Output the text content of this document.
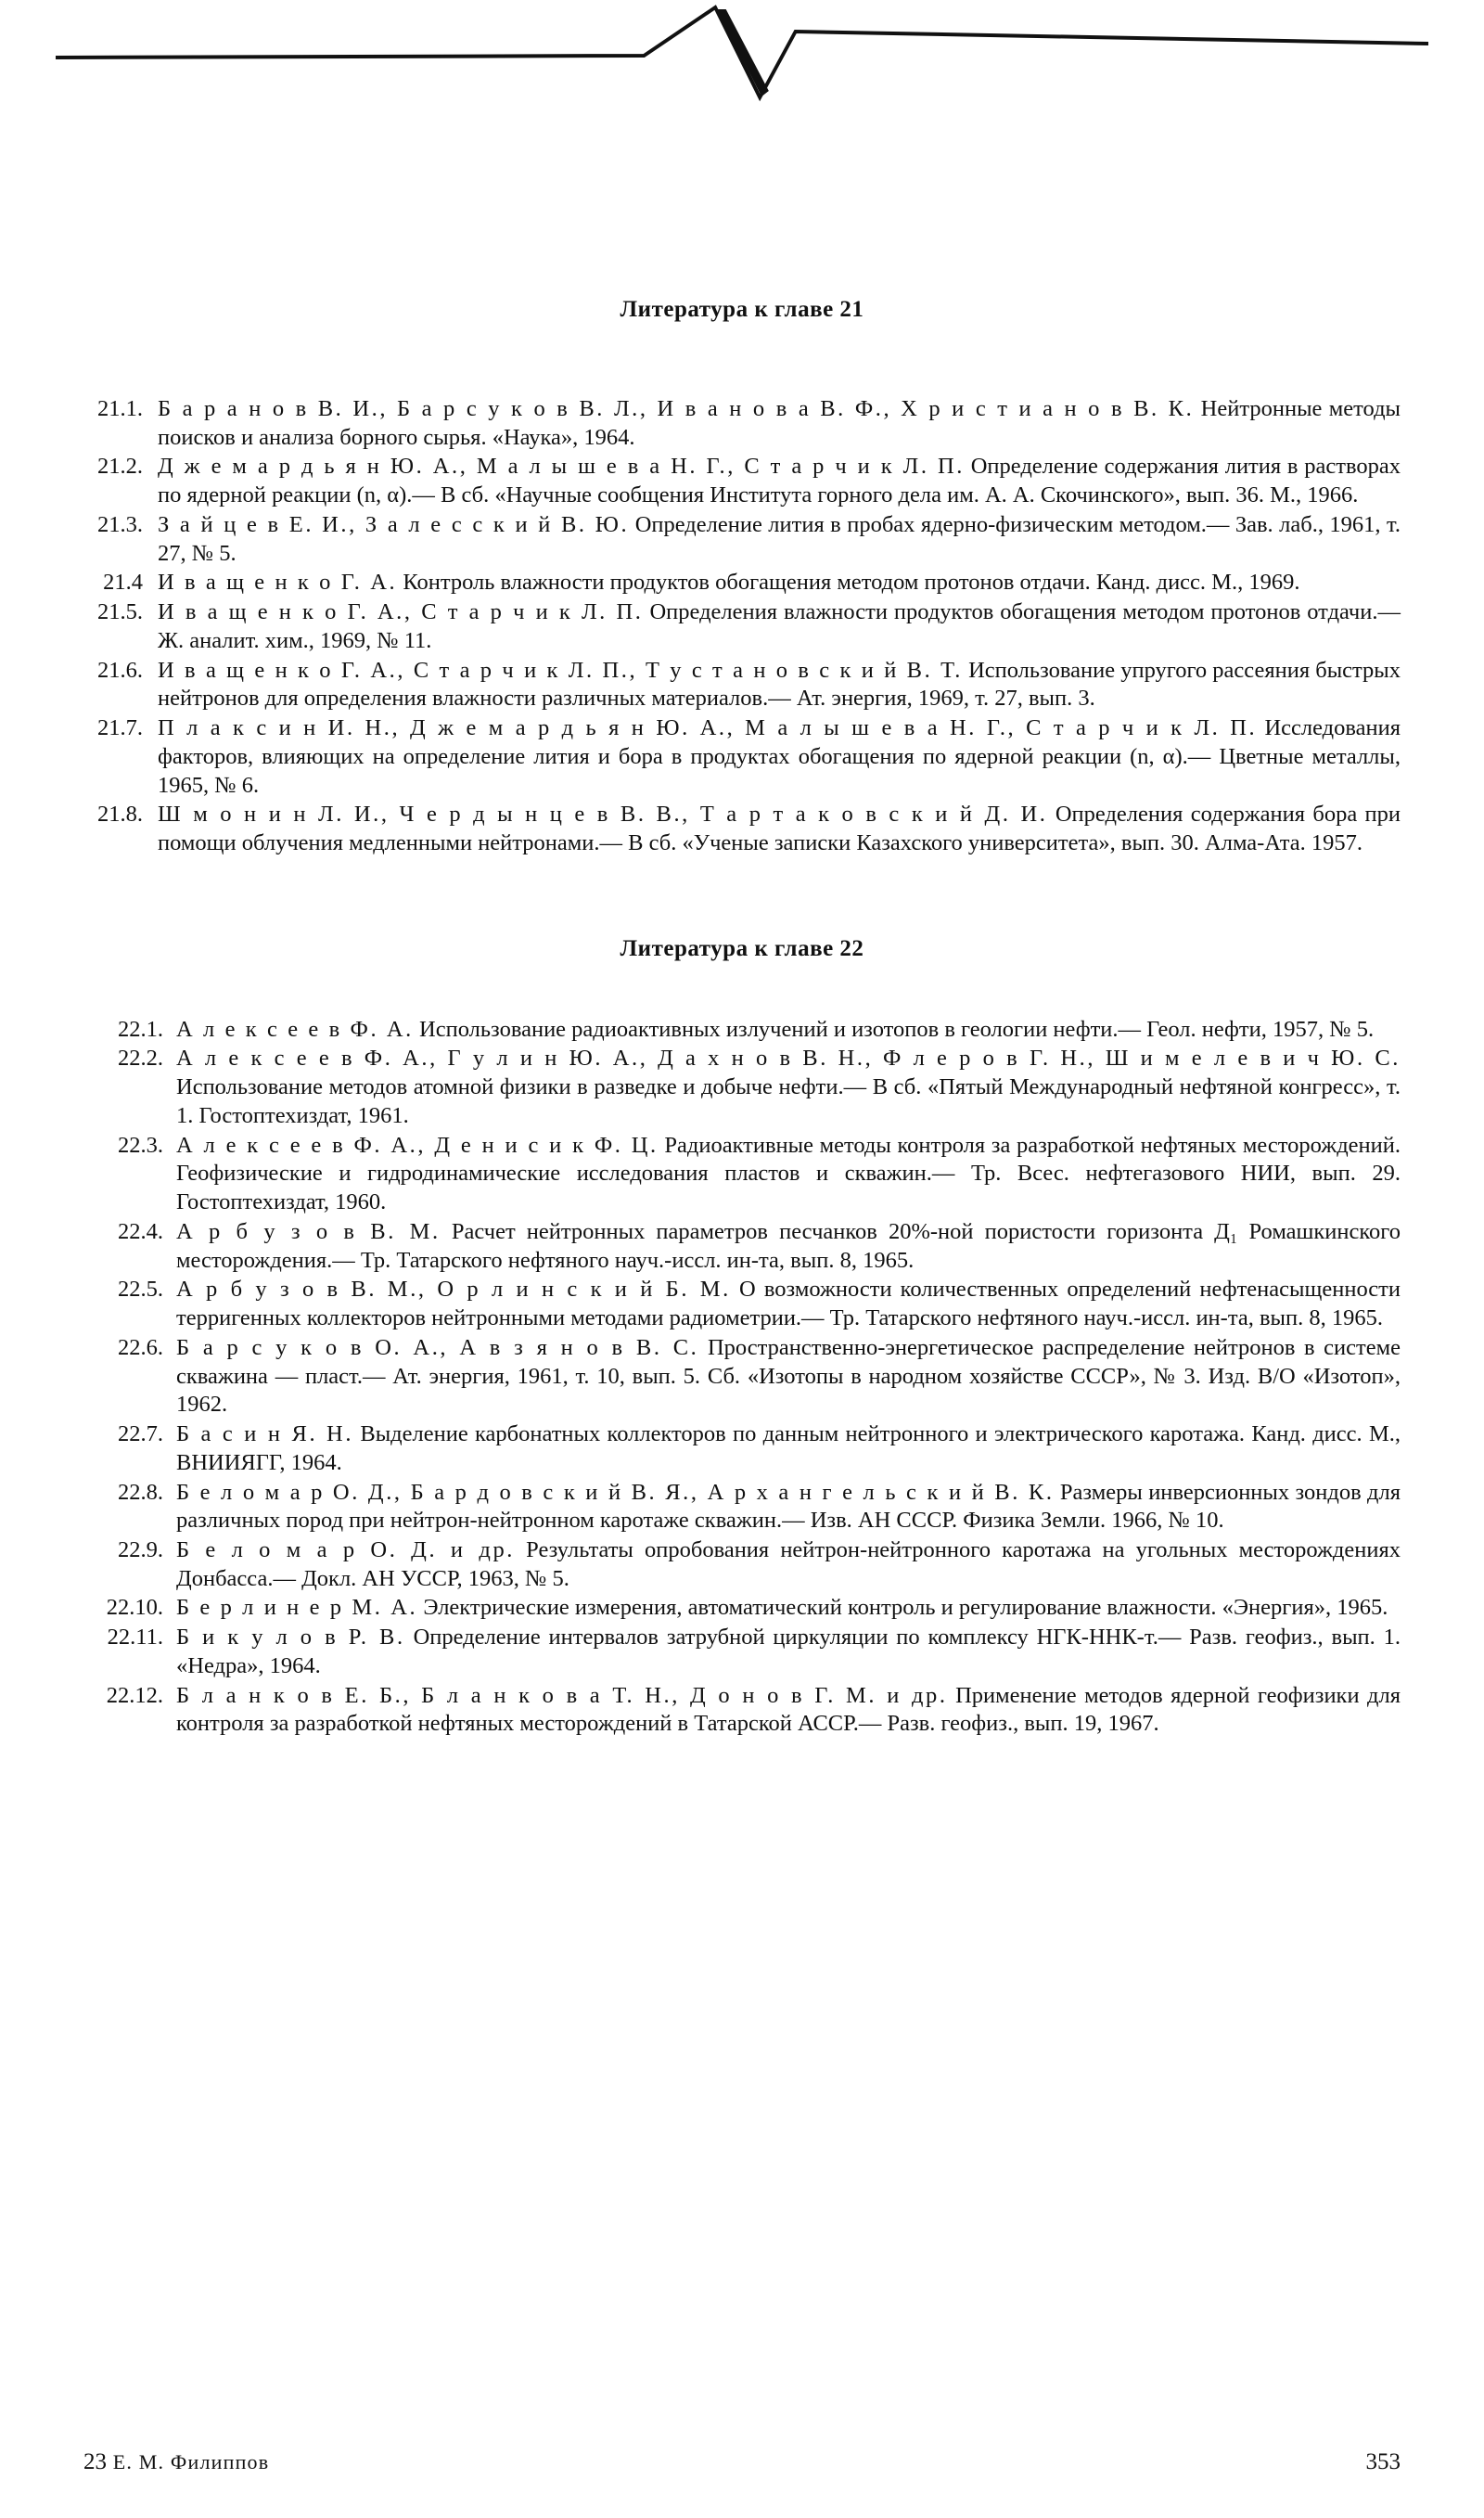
Литература к главе 21
21.1. Б а р а н о в В. И., Б а р с у к о в В. Л., И в а н о в а В. Ф., Х р и с т и а н о в В. К. Нейтронные методы поисков и анализа борного сырья. «Наука», 1964.
21.2. Д ж е м а р д ь я н Ю. А., М а л ы ш е в а Н. Г., С т а р ч и к Л. П. Определение содержания лития в растворах по ядерной реакции (n, α).— В сб. «Научные сообщения Института горного дела им. А. А. Скочинского», вып. 36. М., 1966.
21.3. З а й ц е в Е. И., З а л е с с к и й В. Ю. Определение лития в пробах ядерно-физическим методом.— Зав. лаб., 1961, т. 27, № 5.
21.4 И в а щ е н к о Г. А. Контроль влажности продуктов обогащения методом протонов отдачи. Канд. дисс. М., 1969.
21.5. И в а щ е н к о Г. А., С т а р ч и к Л. П. Определения влажности продуктов обогащения методом протонов отдачи.— Ж. аналит. хим., 1969, № 11.
21.6. И в а щ е н к о Г. А., С т а р ч и к Л. П., Т у с т а н о в с к и й В. Т. Использование упругого рассеяния быстрых нейтронов для определения влажности различных материалов.— Ат. энергия, 1969, т. 27, вып. 3.
21.7. П л а к с и н И. Н., Д ж е м а р д ь я н Ю. А., М а л ы ш е в а Н. Г., С т а р ч и к Л. П. Исследования факторов, влияющих на определение лития и бора в продуктах обогащения по ядерной реакции (n, α).— Цветные металлы, 1965, № 6.
21.8. Ш м о н и н Л. И., Ч е р д ы н ц е в В. В., Т а р т а к о в с к и й Д. И. Определения содержания бора при помощи облучения медленными нейтронами.— В сб. «Ученые записки Казахского университета», вып. 30. Алма-Ата. 1957.
Литература к главе 22
22.1. А л е к с е е в Ф. А. Использование радиоактивных излучений и изотопов в геологии нефти.— Геол. нефти, 1957, № 5.
22.2. А л е к с е е в Ф. А., Г у л и н Ю. А., Д а х н о в В. Н., Ф л е р о в Г. Н., Ш и м е л е в и ч Ю. С. Использование методов атомной физики в разведке и добыче нефти.— В сб. «Пятый Международный нефтяной конгресс», т. 1. Гостоптехиздат, 1961.
22.3. А л е к с е е в Ф. А., Д е н и с и к Ф. Ц. Радиоактивные методы контроля за разработкой нефтяных месторождений. Геофизические и гидродинамические исследования пластов и скважин.— Тр. Всес. нефтегазового НИИ, вып. 29. Гостоптехиздат, 1960.
22.4. А р б у з о в В. М. Расчет нейтронных параметров песчанков 20%-ной пористости горизонта Д₁ Ромашкинского месторождения.— Тр. Татарского нефтяного науч.-иссл. ин-та, вып. 8, 1965.
22.5. А р б у з о в В. М., О р л и н с к и й Б. М. О возможности количественных определений нефтенасыщенности терригенных коллекторов нейтронными методами радиометрии.— Тр. Татарского нефтяного науч.-иссл. ин-та, вып. 8, 1965.
22.6. Б а р с у к о в О. А., А в з я н о в В. С. Пространственно-энергетическое распределение нейтронов в системе скважина — пласт.— Ат. энергия, 1961, т. 10, вып. 5. Сб. «Изотопы в народном хозяйстве СССР», № 3. Изд. В/О «Изотоп», 1962.
22.7. Б а с и н Я. Н. Выделение карбонатных коллекторов по данным нейтронного и электрического каротажа. Канд. дисс. М., ВНИИЯГГ, 1964.
22.8. Б е л о м а р О. Д., Б а р д о в с к и й В. Я., А р х а н г е л ь с к и й В. К. Размеры инверсионных зондов для различных пород при нейтрон-нейтронном каротаже скважин.— Изв. АН СССР. Физика Земли. 1966, № 10.
22.9. Б е л о м а р О. Д. и др. Результаты опробования нейтрон-нейтронного каротажа на угольных месторождениях Донбасса.— Докл. АН УССР, 1963, № 5.
22.10. Б е р л и н е р М. А. Электрические измерения, автоматический контроль и регулирование влажности. «Энергия», 1965.
22.11. Б и к у л о в Р. В. Определение интервалов затрубной циркуляции по комплексу НГК-ННК-т.— Разв. геофиз., вып. 1. «Недра», 1964.
22.12. Б л а н к о в Е. Б., Б л а н к о в а Т. Н., Д о н о в Г. М. и др. Применение методов ядерной геофизики для контроля за разработкой нефтяных месторождений в Татарской АССР.— Разв. геофиз., вып. 19, 1967.
23 Е. М. Филиппов	353
